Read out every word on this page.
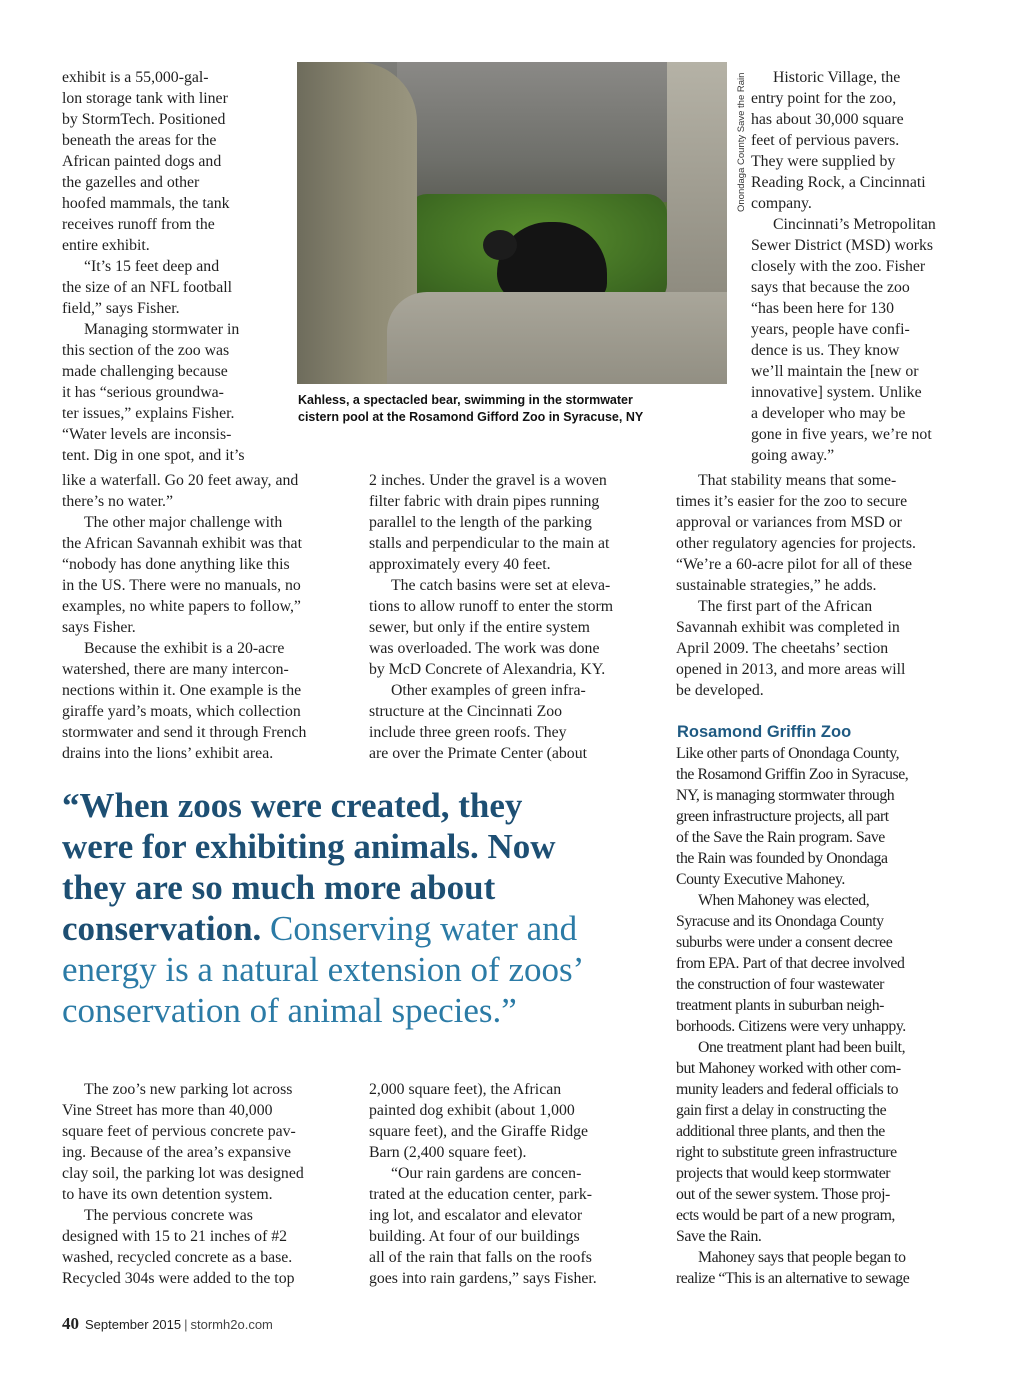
Onondaga County Save the Rain

Kahless, a spectacled bear, swimming in the stormwater

cistern pool at the Rosamond Gifford Zoo in Syracuse, NY

exhibit is a 55,000-gal-

lon storage tank with liner

by StormTech. Positioned

beneath the areas for the

African painted dogs and

the gazelles and other

hoofed mammals, the tank

receives runoff from the

entire exhibit.

“It’s 15 feet deep and

the size of an NFL football

field,” says Fisher.

Managing stormwater in

this section of the zoo was

made challenging because

it has “serious groundwa-

ter issues,” explains Fisher.

“Water levels are inconsis-

tent. Dig in one spot, and it’s

like a waterfall. Go 20 feet away, and

there’s no water.”

The other major challenge with

the African Savannah exhibit was that

“nobody has done anything like this

in the US. There were no manuals, no

examples, no white papers to follow,”

says Fisher.

Because the exhibit is a 20-acre

watershed, there are many intercon-

nections within it. One example is the

giraffe yard’s moats, which collection

stormwater and send it through French

drains into the lions’ exhibit area.

2 inches. Under the gravel is a woven

filter fabric with drain pipes running

parallel to the length of the parking

stalls and perpendicular to the main at

approximately every 40 feet.

The catch basins were set at eleva-

tions to allow runoff to enter the storm

sewer, but only if the entire system

was overloaded. The work was done

by McD Concrete of Alexandria, KY.

Other examples of green infra-

structure at the Cincinnati Zoo

include three green roofs. They

are over the Primate Center (about

Historic Village, the

entry point for the zoo,

has about 30,000 square

feet of pervious pavers.

They were supplied by

Reading Rock, a Cincinnati

company.

Cincinnati’s Metropolitan

Sewer District (MSD) works

closely with the zoo. Fisher

says that because the zoo

“has been here for 130

years, people have confi-

dence is us. They know

we’ll maintain the [new or

innovative] system. Unlike

a developer who may be

gone in five years, we’re not

going away.”

That stability means that some-

times it’s easier for the zoo to secure

approval or variances from MSD or

other regulatory agencies for projects.

“We’re a 60-acre pilot for all of these

sustainable strategies,” he adds.

The first part of the African

Savannah exhibit was completed in

April 2009. The cheetahs’ section

opened in 2013, and more areas will

be developed.

Rosamond Griffin Zoo

Like other parts of Onondaga County,

the Rosamond Griffin Zoo in Syracuse,

NY, is managing stormwater through

green infrastructure projects, all part

of the Save the Rain program. Save

the Rain was founded by Onondaga

County Executive Mahoney.

When Mahoney was elected,

Syracuse and its Onondaga County

suburbs were under a consent decree

from EPA. Part of that decree involved

the construction of four wastewater

treatment plants in suburban neigh-

borhoods. Citizens were very unhappy.

One treatment plant had been built,

but Mahoney worked with other com-

munity leaders and federal officials to

gain first a delay in constructing the

additional three plants, and then the

right to substitute green infrastructure

projects that would keep stormwater

out of the sewer system. Those proj-

ects would be part of a new program,

Save the Rain.

Mahoney says that people began to

realize “This is an alternative to sewage

“When zoos were created, they

were for exhibiting animals. Now

they are so much more about

conservation. Conserving water and

energy is a natural extension of zoos’

conservation of animal species.”

The zoo’s new parking lot across

Vine Street has more than 40,000

square feet of pervious concrete pav-

ing. Because of the area’s expansive

clay soil, the parking lot was designed

to have its own detention system.

The pervious concrete was

designed with 15 to 21 inches of #2

washed, recycled concrete as a base.

Recycled 304s were added to the top

2,000 square feet), the African

painted dog exhibit (about 1,000

square feet), and the Giraffe Ridge

Barn (2,400 square feet).

“Our rain gardens are concen-

trated at the education center, park-

ing lot, and escalator and elevator

building. At four of our buildings

all of the rain that falls on the roofs

goes into rain gardens,” says Fisher.

40 September 2015 | stormh2o.com
